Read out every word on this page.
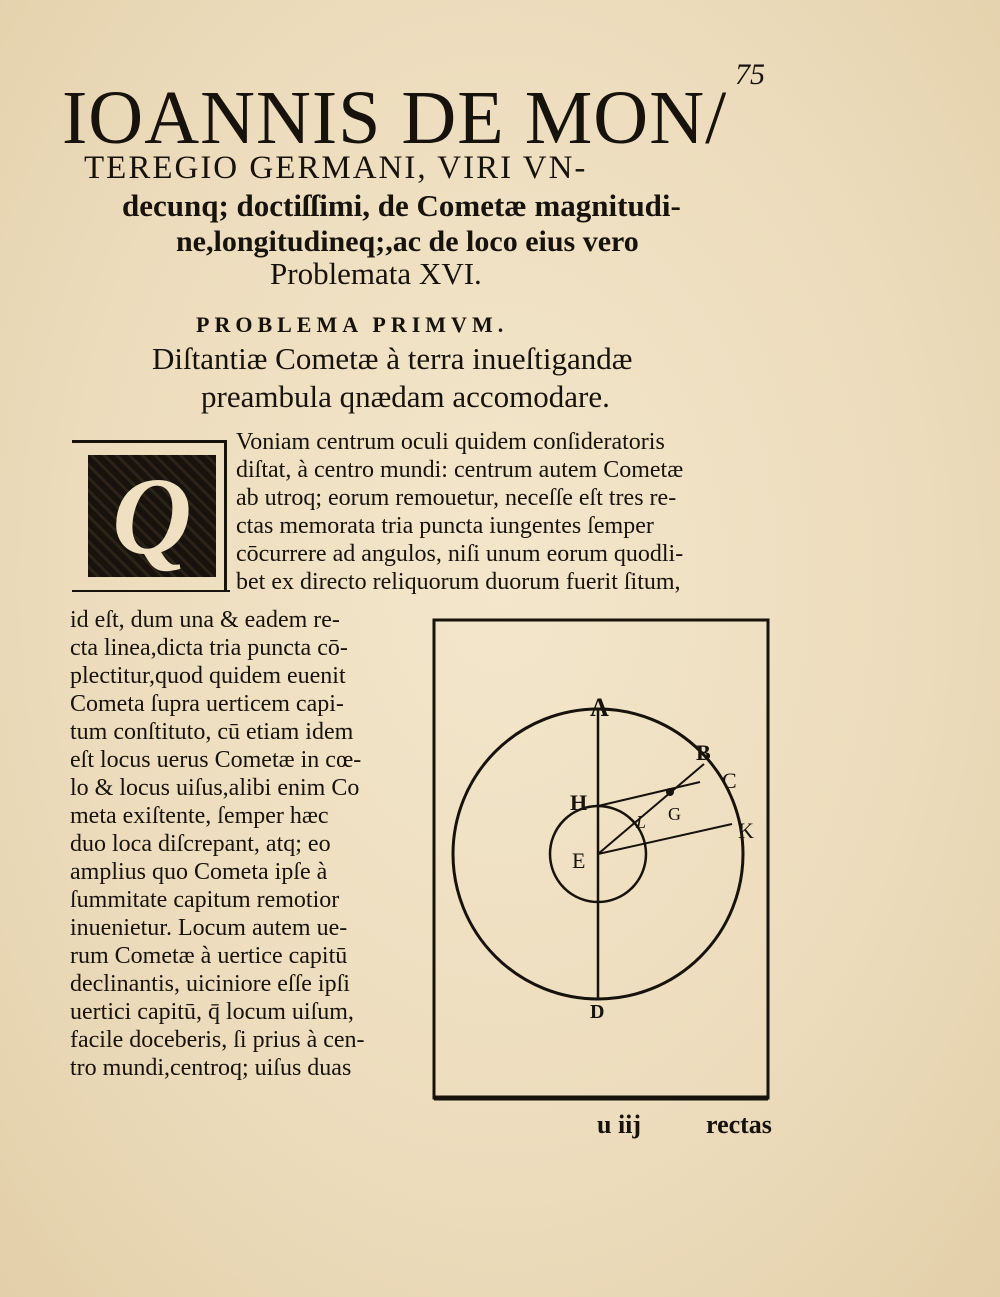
75
IOANNIS DE MON/
TEREGIO GERMANI, VIRI VN-
decunq; doctiſſimi, de Cometæ magnitudi-
ne,longitudineq;,ac de loco eius vero
Problemata XVI.
PROBLEMA PRIMVM.
Diſtantiæ Cometæ à terra inueſtigandæ
preambula qnædam accomodare.
Q
Voniam centrum oculi quidem conſideratoris
diſtat, à centro mundi: centrum autem Cometæ
ab utroq; eorum remouetur, neceſſe eſt tres re-
ctas memorata tria puncta iungentes ſemper
cōcurrere ad angulos, niſi unum eorum quodli-
bet ex directo reliquorum duorum fuerit ſitum,
id eſt, dum una & eadem re-
cta linea,dicta tria puncta cō-
plectitur,quod quidem euenit
Cometa ſupra uerticem capi-
tum conſtituto, cū etiam idem
eſt locus uerus Cometæ in cœ-
lo & locus uiſus,alibi enim Co
meta exiſtente, ſemper hæc
duo loca diſcrepant, atq; eo
amplius quo Cometa ipſe à
ſummitate capitum remotior
inuenietur. Locum autem ue-
rum Cometæ à uertice capitū
declinantis, uiciniore eſſe ipſi
uertici capitū, q̄ locum uiſum,
facile doceberis, ſi prius à cen-
tro mundi,centroq; uiſus duas
A
B
C
K
H	G
L
E
D
u iij rectas
